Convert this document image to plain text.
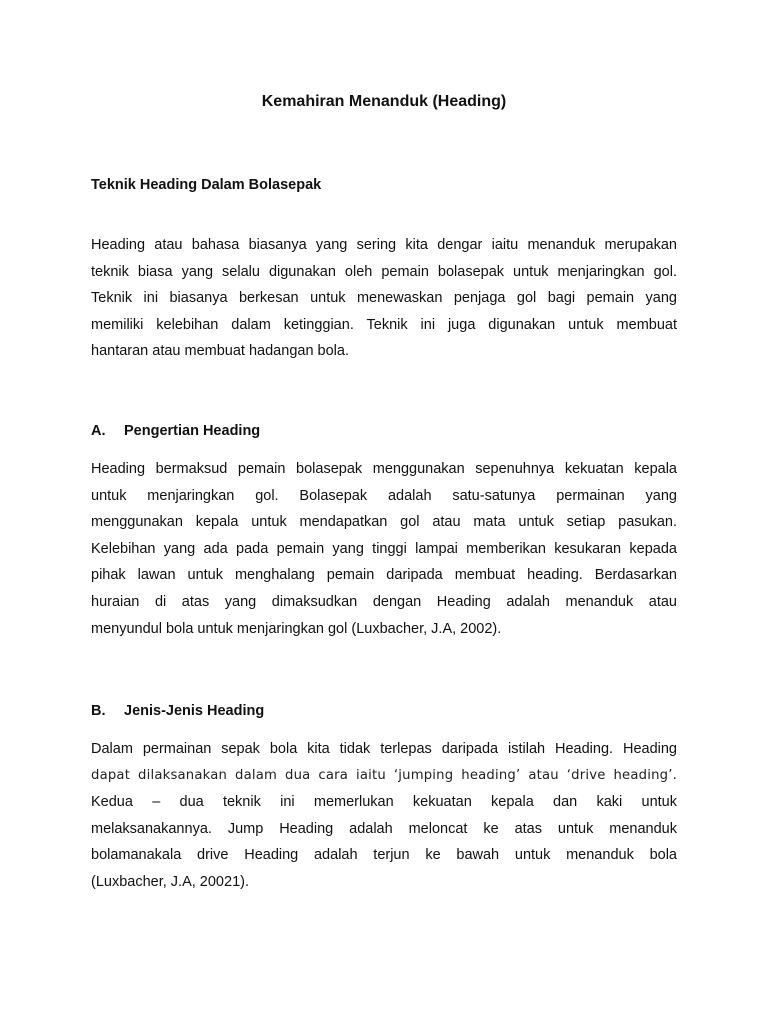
Kemahiran Menanduk (Heading)
Teknik Heading Dalam Bolasepak
Heading atau bahasa biasanya yang sering kita dengar iaitu menanduk merupakan
teknik biasa yang selalu digunakan oleh pemain bolasepak untuk menjaringkan gol.
Teknik ini biasanya berkesan untuk menewaskan penjaga gol bagi pemain yang
memiliki kelebihan dalam ketinggian. Teknik ini juga digunakan untuk membuat
hantaran atau membuat hadangan bola.
A. Pengertian Heading
Heading bermaksud pemain bolasepak menggunakan sepenuhnya kekuatan kepala
untuk menjaringkan gol. Bolasepak adalah satu-satunya permainan yang
menggunakan kepala untuk mendapatkan gol atau mata untuk setiap pasukan.
Kelebihan yang ada pada pemain yang tinggi lampai memberikan kesukaran kepada
pihak lawan untuk menghalang pemain daripada membuat heading. Berdasarkan
huraian di atas yang dimaksudkan dengan Heading adalah menanduk atau
menyundul bola untuk menjaringkan gol (Luxbacher, J.A, 2002).
B. Jenis-Jenis Heading
Dalam permainan sepak bola kita tidak terlepas daripada istilah Heading. Heading
dapat dilaksanakan dalam dua cara iaitu ‘jumping heading’ atau ‘drive heading’.
Kedua – dua teknik ini memerlukan kekuatan kepala dan kaki untuk
melaksanakannya. Jump Heading adalah meloncat ke atas untuk menanduk
bolamanakala drive Heading adalah terjun ke bawah untuk menanduk bola
(Luxbacher, J.A, 20021).
